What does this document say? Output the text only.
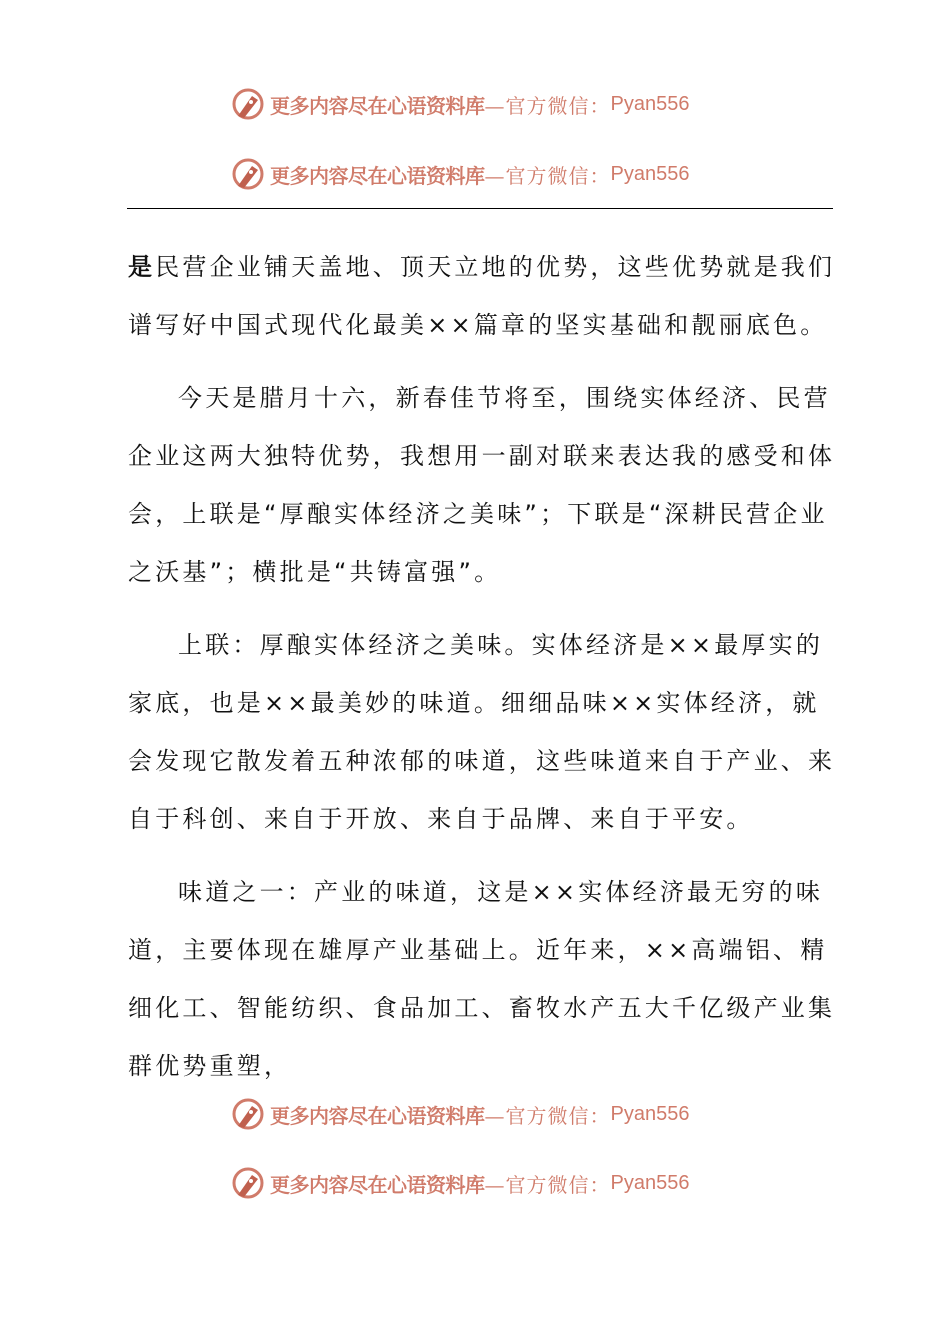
更多内容尽在心语资料库 —官方微信： Pyan556
更多内容尽在心语资料库 —官方微信： Pyan556

是民营企业铺天盖地、顶天立地的优势，这些优势就是我们谱写好中国式现代化最美××篇章的坚实基础和靓丽底色。

今天是腊月十六，新春佳节将至，围绕实体经济、民营企业这两大独特优势，我想用一副对联来表达我的感受和体会，上联是“厚酿实体经济之美味”；下联是“深耕民营企业之沃基”；横批是“共铸富强”。

上联：厚酿实体经济之美味。实体经济是××最厚实的家底，也是××最美妙的味道。细细品味××实体经济，就会发现它散发着五种浓郁的味道，这些味道来自于产业、来自于科创、来自于开放、来自于品牌、来自于平安。

味道之一：产业的味道，这是××实体经济最无穷的味道，主要体现在雄厚产业基础上。近年来，××高端铝、精细化工、智能纺织、食品加工、畜牧水产五大千亿级产业集群优势重塑，

更多内容尽在心语资料库 —官方微信： Pyan556
更多内容尽在心语资料库 —官方微信： Pyan556
